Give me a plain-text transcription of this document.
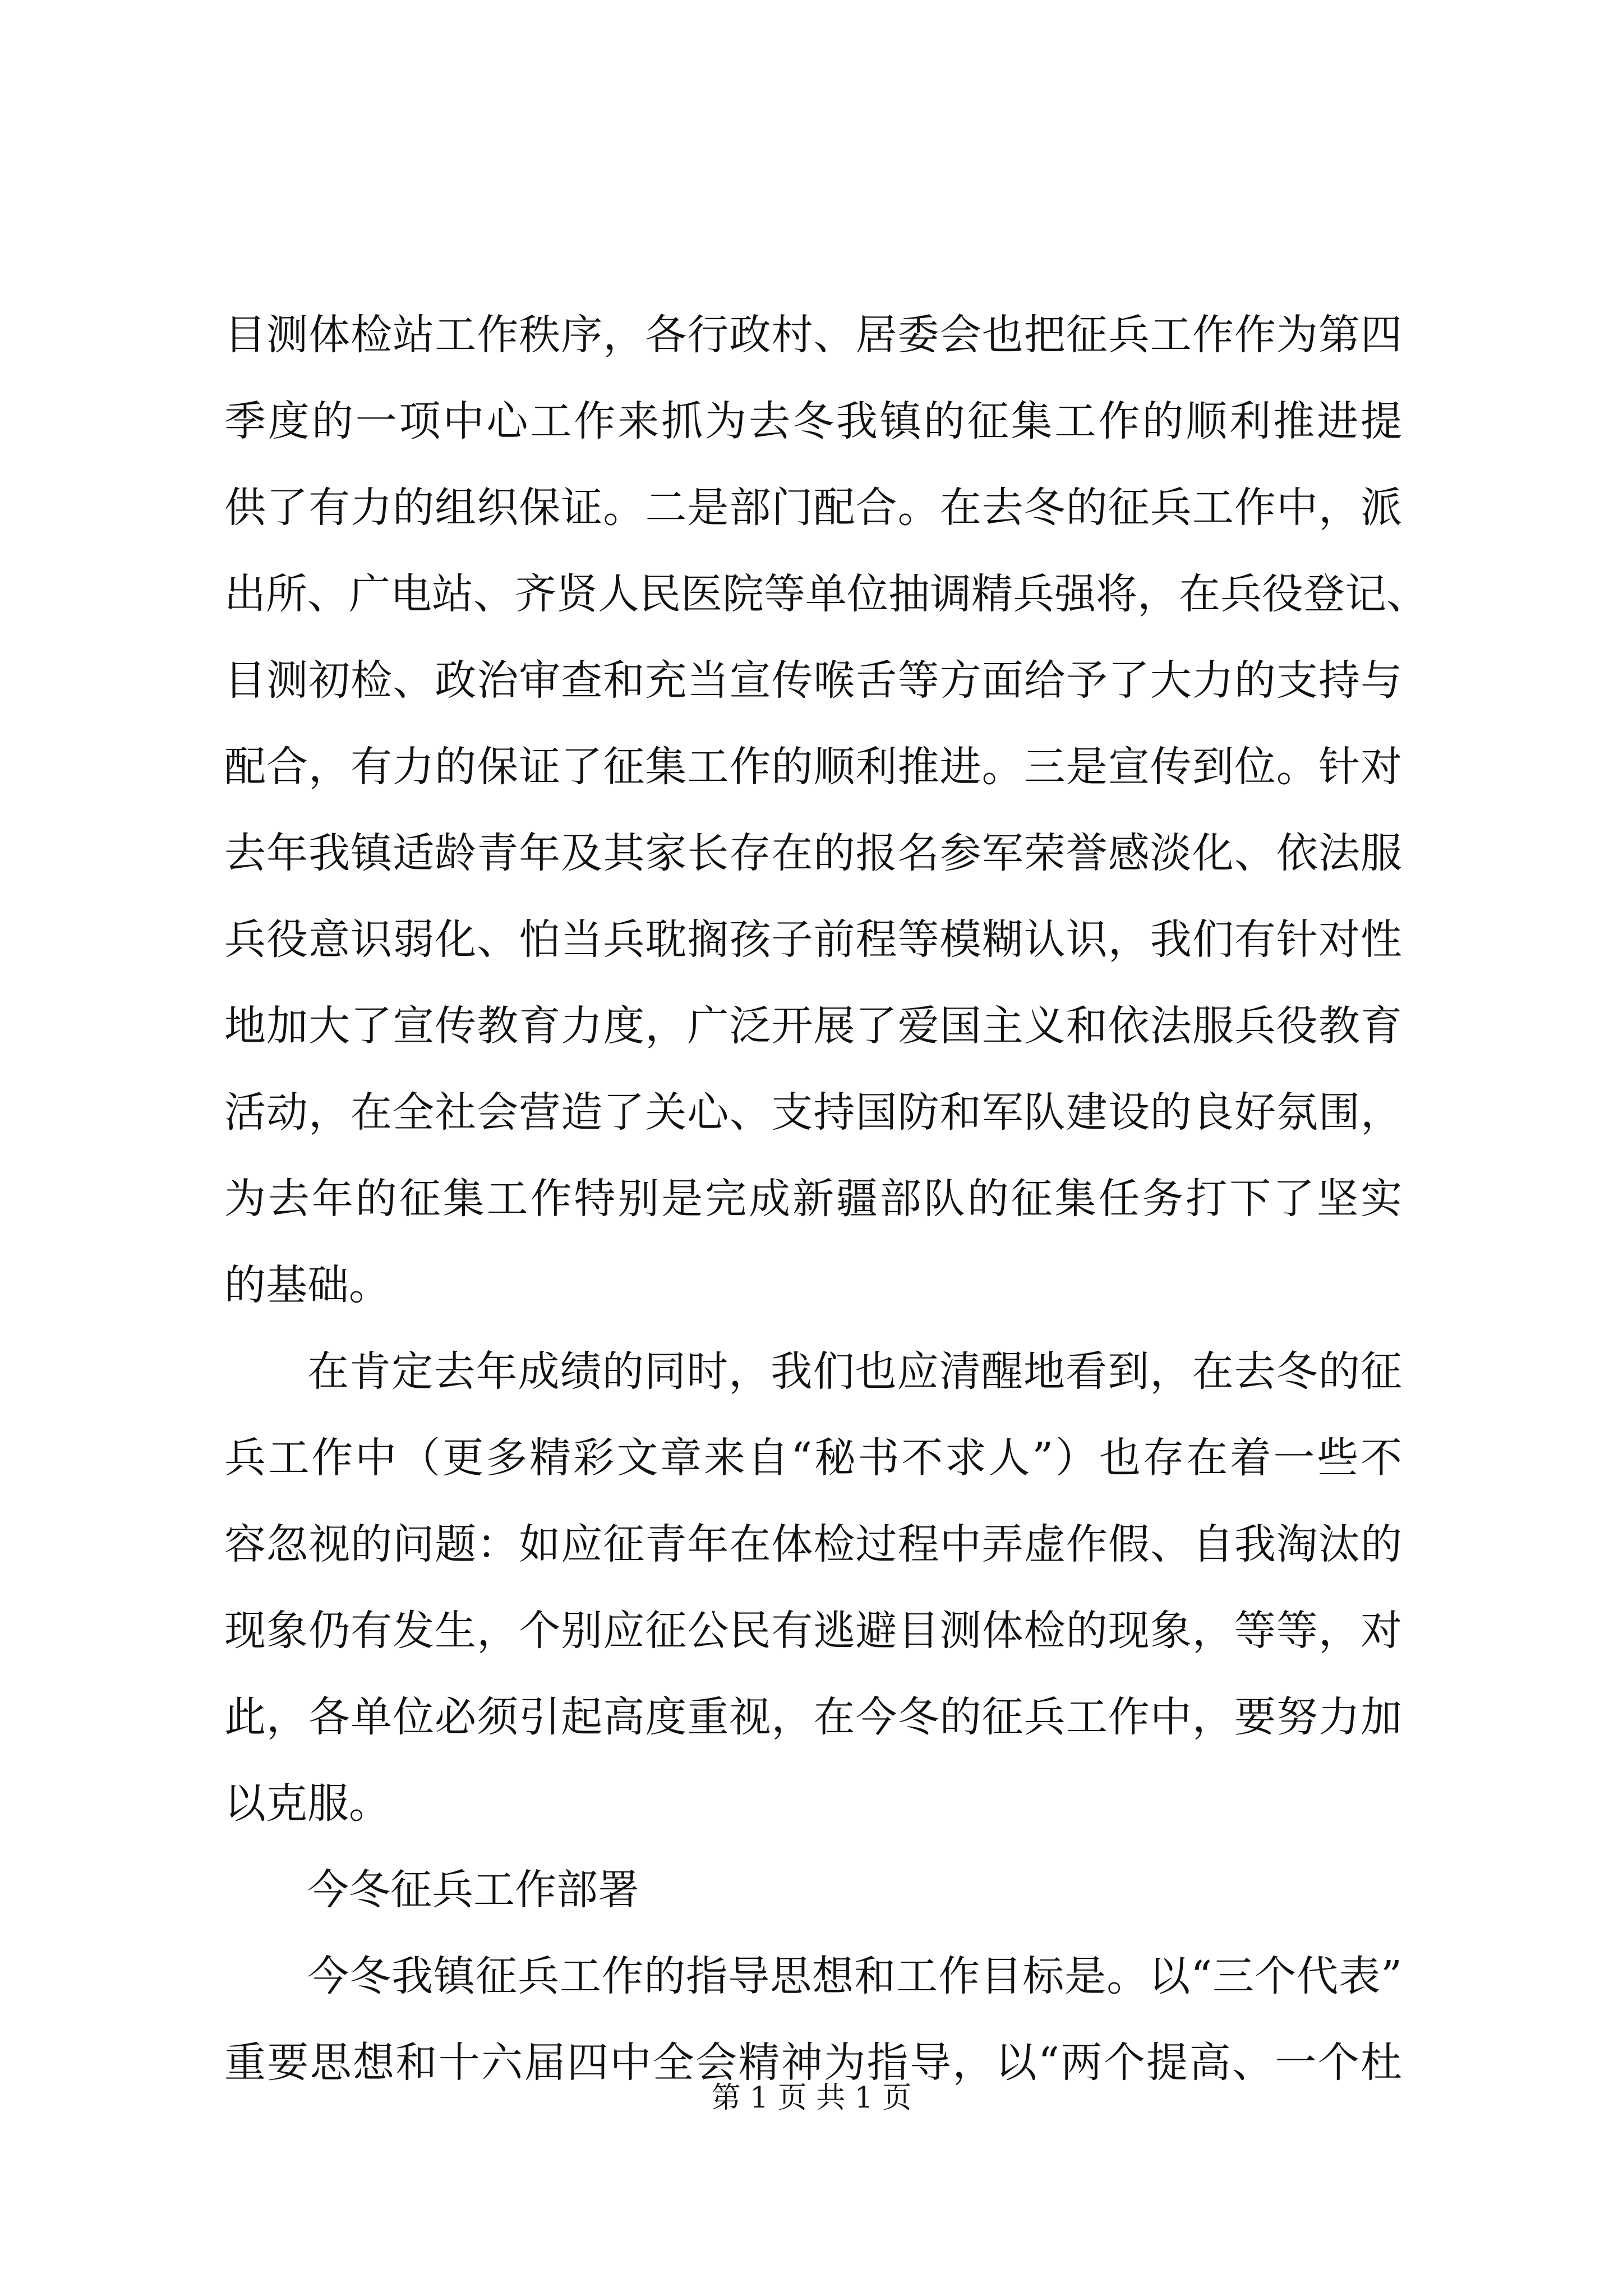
目测体检站工作秩序，各行政村、居委会也把征兵工作作为第四
季度的一项中心工作来抓为去冬我镇的征集工作的顺利推进提
供了有力的组织保证。二是部门配合。在去冬的征兵工作中，派
出所、广电站、齐贤人民医院等单位抽调精兵强将，在兵役登记、
目测初检、政治审查和充当宣传喉舌等方面给予了大力的支持与
配合，有力的保证了征集工作的顺利推进。三是宣传到位。针对
去年我镇适龄青年及其家长存在的报名参军荣誉感淡化、依法服
兵役意识弱化、怕当兵耽搁孩子前程等模糊认识，我们有针对性
地加大了宣传教育力度，广泛开展了爱国主义和依法服兵役教育
活动，在全社会营造了关心、支持国防和军队建设的良好氛围，
为去年的征集工作特别是完成新疆部队的征集任务打下了坚实
的基础。
在肯定去年成绩的同时，我们也应清醒地看到，在去冬的征
兵工作中（更多精彩文章来自“秘书不求人”）也存在着一些不
容忽视的问题：如应征青年在体检过程中弄虚作假、自我淘汰的
现象仍有发生，个别应征公民有逃避目测体检的现象，等等，对
此，各单位必须引起高度重视，在今冬的征兵工作中，要努力加
以克服。
今冬征兵工作部署
今冬我镇征兵工作的指导思想和工作目标是。以“三个代表”
重要思想和十六届四中全会精神为指导，以“两个提高、一个杜
第 1 页 共 1 页
